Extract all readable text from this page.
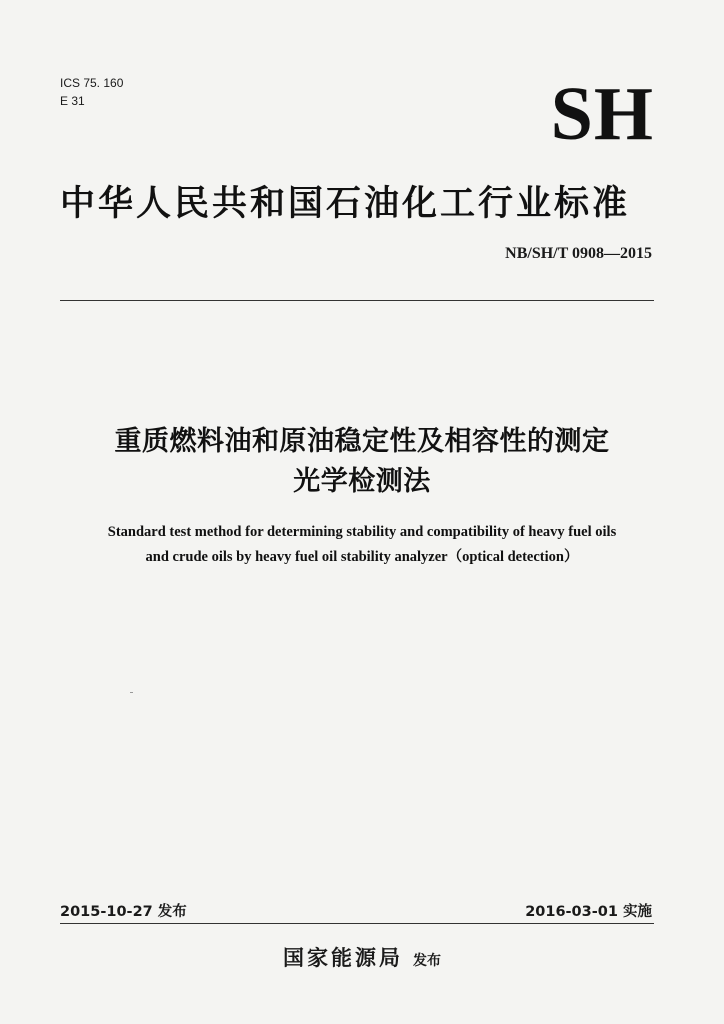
ICS 75. 160
E 31	SH
中华人民共和国石油化工行业标准
NB/SH/T 0908—2015
重质燃料油和原油稳定性及相容性的测定
光学检测法
Standard test method for determining stability and compatibility of heavy fuel oils
and crude oils by heavy fuel oil stability analyzer（optical detection）
2015-10-27 发布	2016-03-01 实施
国家能源局 发布
